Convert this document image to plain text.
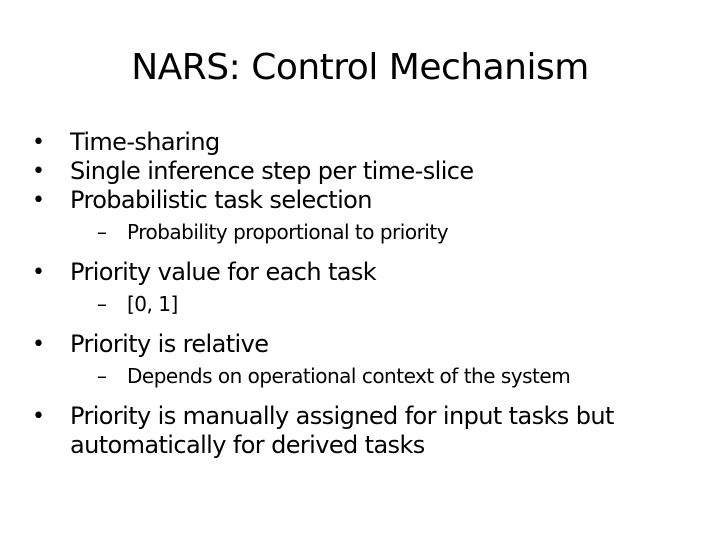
NARS: Control Mechanism
• Time-sharing
• Single inference step per time-slice
• Probabilistic task selection
– Probability proportional to priority
• Priority value for each task
– [0, 1]
• Priority is relative
– Depends on operational context of the system
• Priority is manually assigned for input tasks but automatically for derived tasks
